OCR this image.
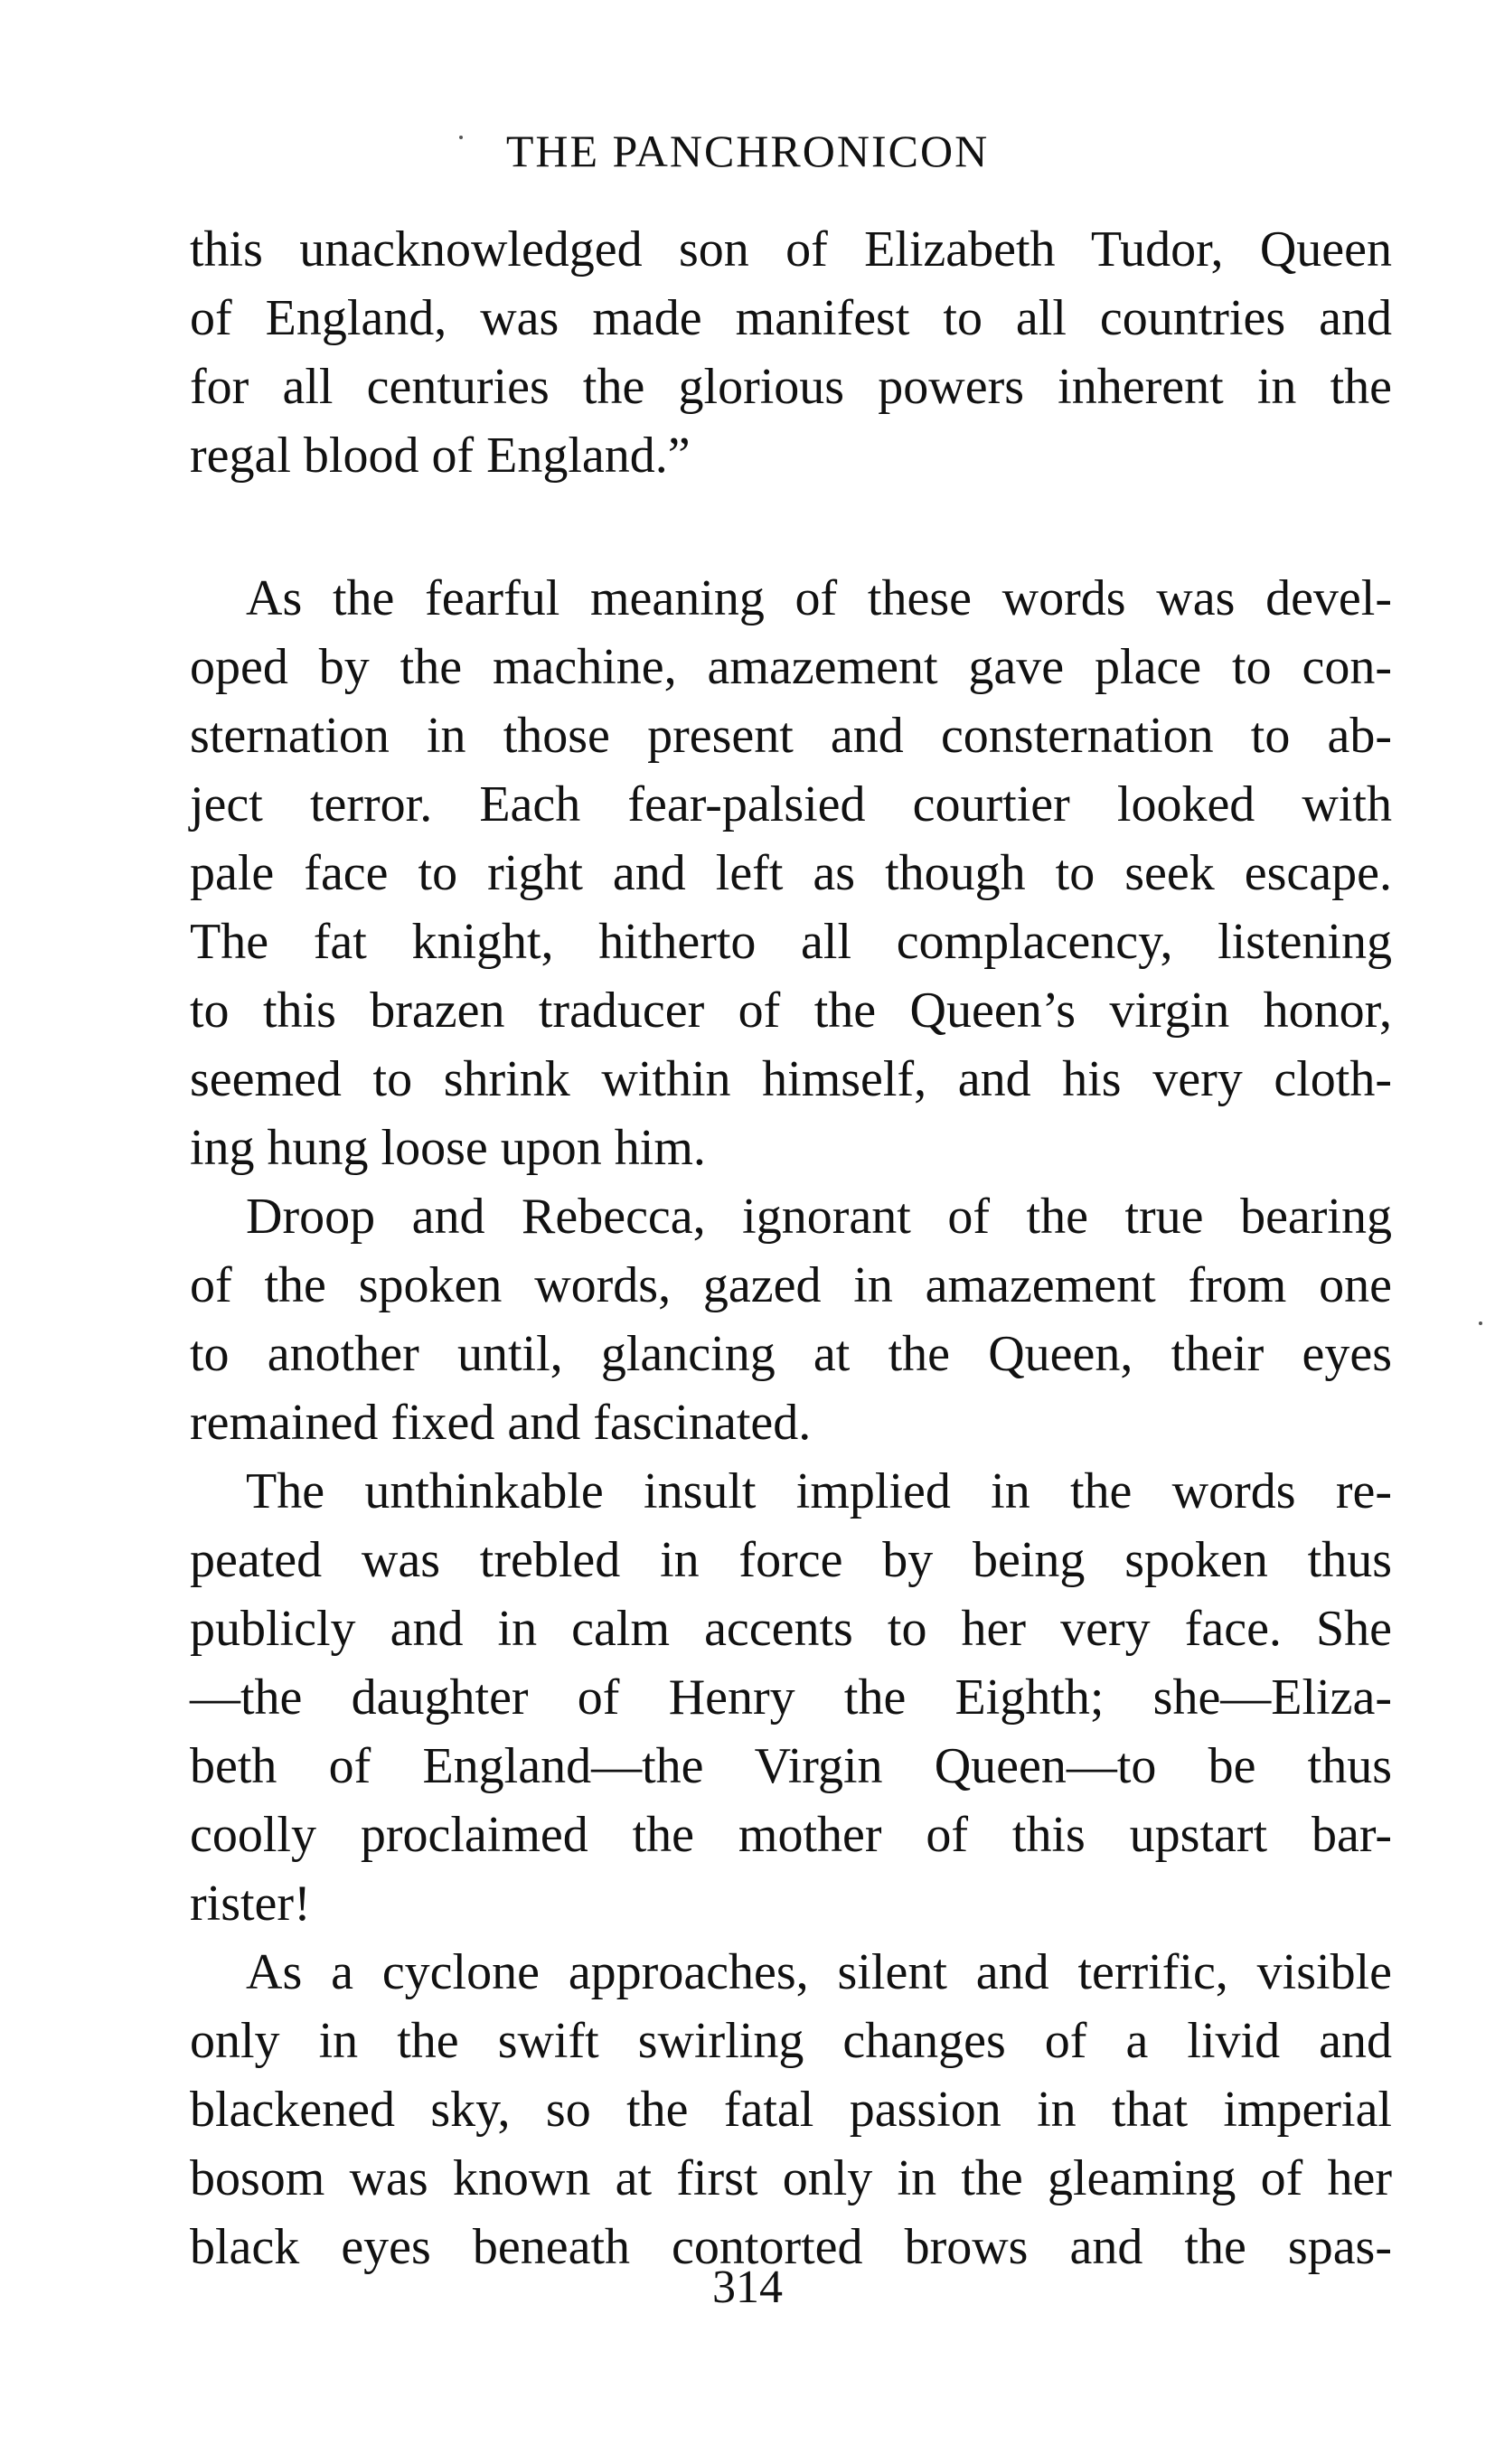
THE PANCHRONICON
this unacknowledged son of Elizabeth Tudor, Queen
of England, was made manifest to all countries and
for all centuries the glorious powers inherent in the
regal blood of England.”
As the fearful meaning of these words was devel-
oped by the machine, amazement gave place to con-
sternation in those present and consternation to ab-
ject terror. Each fear-palsied courtier looked with
pale face to right and left as though to seek escape.
The fat knight, hitherto all complacency, listening
to this brazen traducer of the Queen’s virgin honor,
seemed to shrink within himself, and his very cloth-
ing hung loose upon him.
Droop and Rebecca, ignorant of the true bearing
of the spoken words, gazed in amazement from one
to another until, glancing at the Queen, their eyes
remained fixed and fascinated.
The unthinkable insult implied in the words re-
peated was trebled in force by being spoken thus
publicly and in calm accents to her very face. She
—the daughter of Henry the Eighth; she—Eliza-
beth of England—the Virgin Queen—to be thus
coolly proclaimed the mother of this upstart bar-
rister!
As a cyclone approaches, silent and terrific, visible
only in the swift swirling changes of a livid and
blackened sky, so the fatal passion in that imperial
bosom was known at first only in the gleaming of her
black eyes beneath contorted brows and the spas-
314
